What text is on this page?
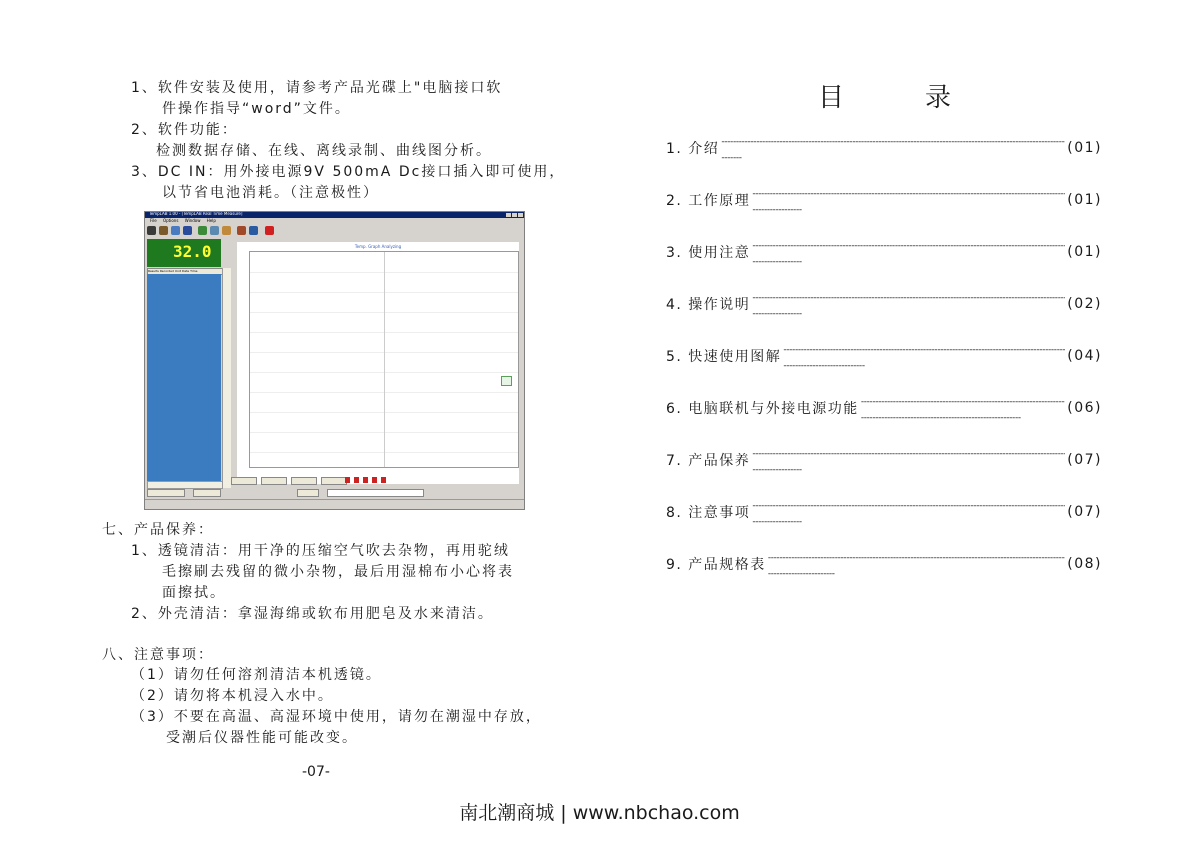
1、软件安装及使用，请参考产品光碟上"电脑接口软
件操作指导“word”文件。
2、软件功能：
检测数据存储、在线、离线录制、曲线图分析。
3、DC IN：用外接电源9V 500mA Dc接口插入即可使用，
以节省电池消耗。（注意极性）
TempLAB 1.00 - [TempLAB Real Time Measure]
File Options Window Help
32.0
Results Recorded Unit Date Time
Temp. Graph Analyzing
七、产品保养：
1、透镜清洁：用干净的压缩空气吹去杂物，再用驼绒
毛擦刷去残留的微小杂物，最后用湿棉布小心将表
面擦拭。
2、外壳清洁：拿湿海绵或软布用肥皂及水来清洁。
八、注意事项：
（1）请勿任何溶剂清洁本机透镜。
（2）请勿将本机浸入水中。
（3）不要在高温、高湿环境中使用，请勿在潮湿中存放，
受潮后仪器性能可能改变。
-07-
目	录
1. 介绍 - - -	(01)
2. 工作原理 - - -	(01)
3. 使用注意 - - -	(01)
4. 操作说明 - - -	(02)
5. 快速使用图解 - - -	(04)
6. 电脑联机与外接电源功能 - - -	(06)
7. 产品保养 - - -	(07)
8. 注意事项 - - -	(07)
9. 产品规格表 - - -	(08)
南北潮商城 | www.nbchao.com
